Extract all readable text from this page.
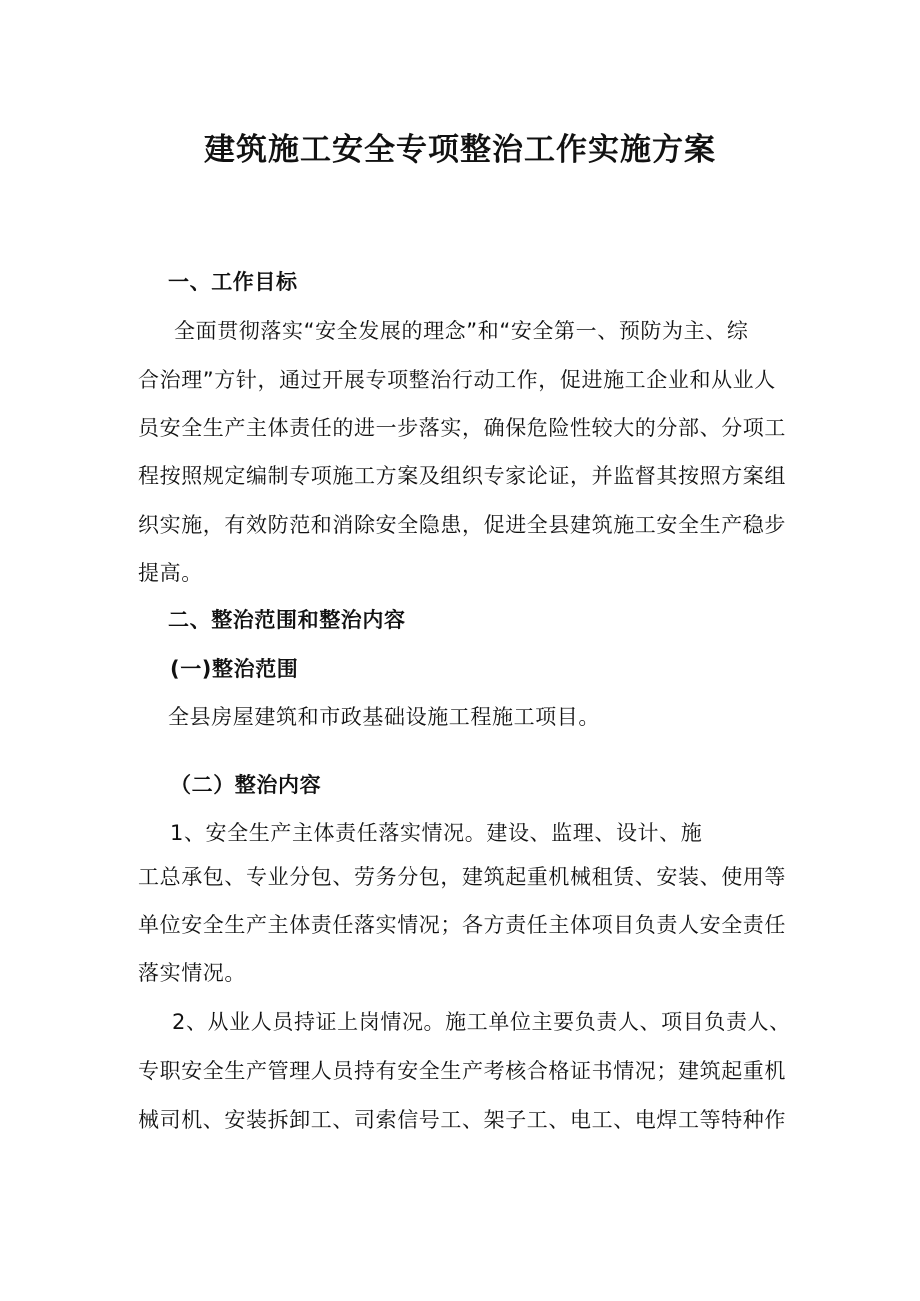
建筑施工安全专项整治工作实施方案
一、工作目标
全面贯彻落实“安全发展的理念”和“安全第一、预防为主、综
合治理”方针，通过开展专项整治行动工作，促进施工企业和从业人
员安全生产主体责任的进一步落实，确保危险性较大的分部、分项工
程按照规定编制专项施工方案及组织专家论证，并监督其按照方案组
织实施，有效防范和消除安全隐患，促进全县建筑施工安全生产稳步
提高。
二、整治范围和整治内容
(一)整治范围
全县房屋建筑和市政基础设施工程施工项目。
（二）整治内容
1、安全生产主体责任落实情况。建设、监理、设计、施
工总承包、专业分包、劳务分包，建筑起重机械租赁、安装、使用等
单位安全生产主体责任落实情况；各方责任主体项目负责人安全责任
落实情况。
2、从业人员持证上岗情况。施工单位主要负责人、项目负责人、
专职安全生产管理人员持有安全生产考核合格证书情况；建筑起重机
械司机、安装拆卸工、司索信号工、架子工、电工、电焊工等特种作
